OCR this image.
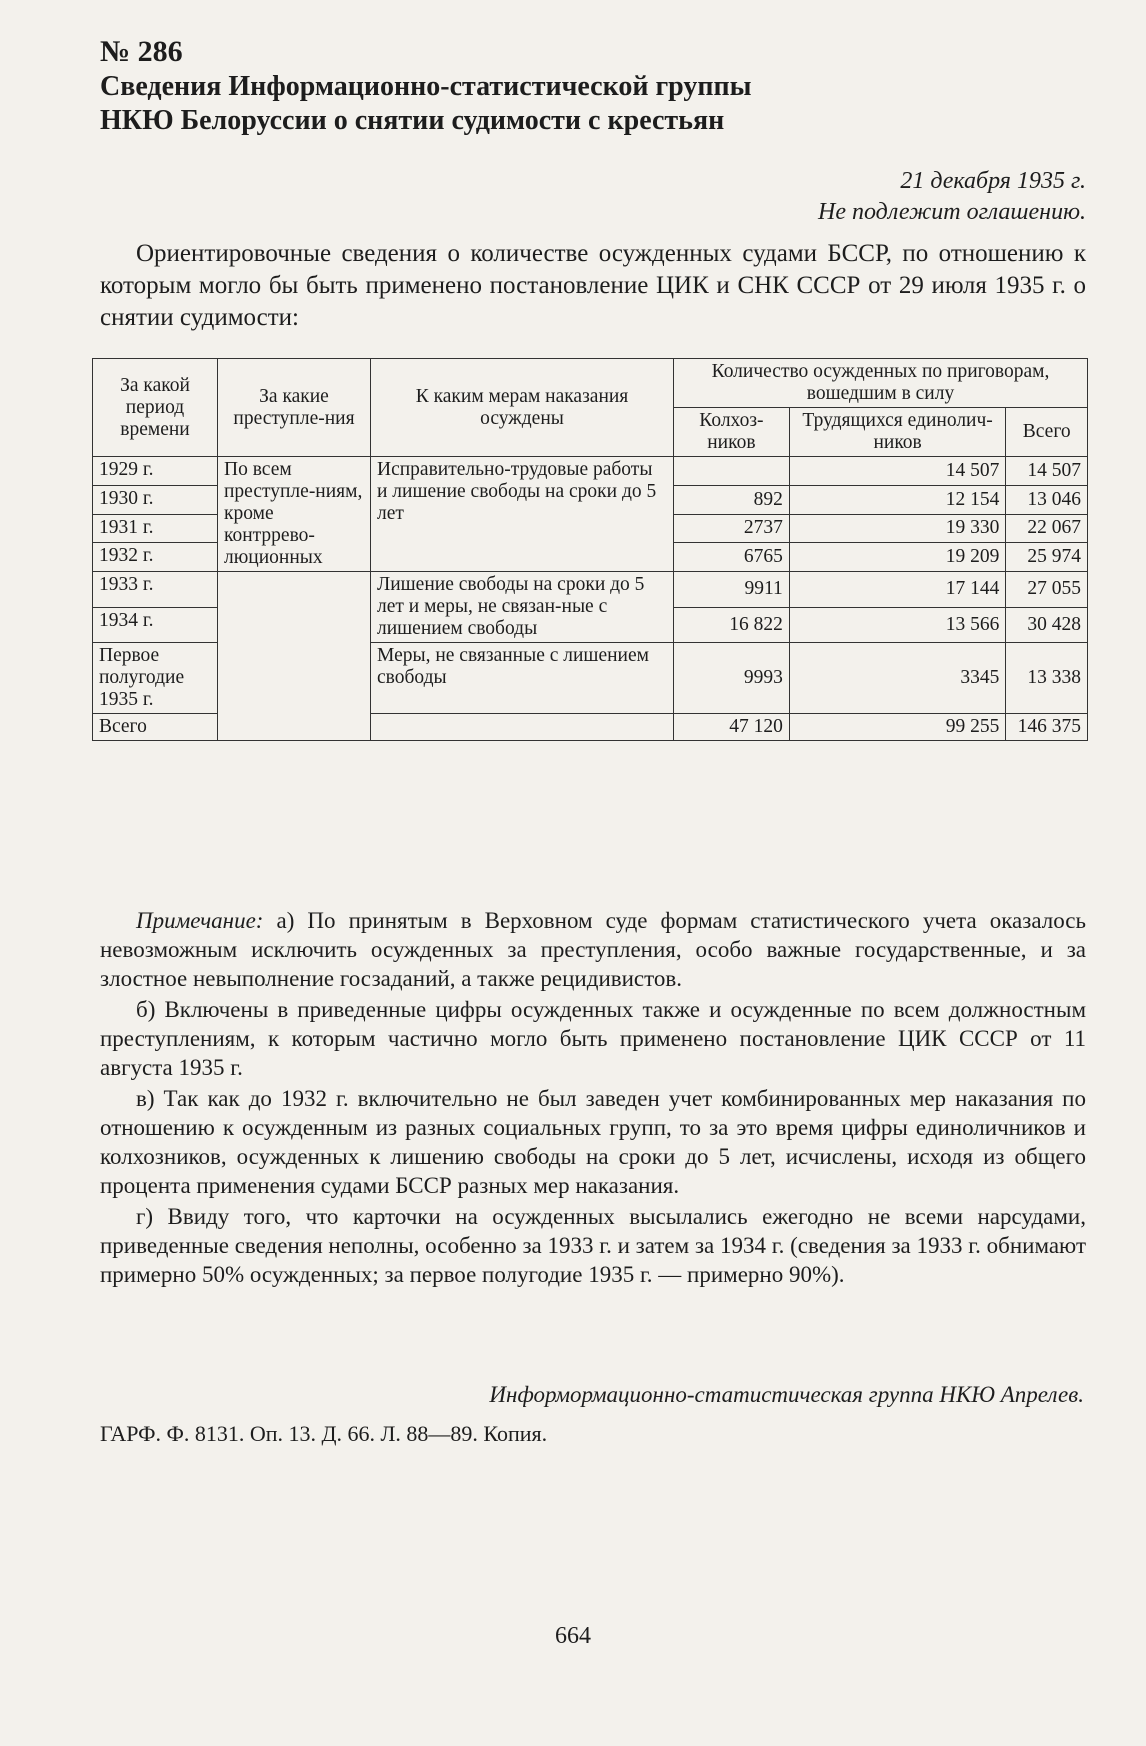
№ 286
Сведения Информационно-статистической группы
НКЮ Белоруссии о снятии судимости с крестьян
21 декабря 1935 г.
Не подлежит оглашению.
Ориентировочные сведения о количестве осужденных судами БССР, по отношению к которым могло бы быть применено постановление ЦИК и СНК СССР от 29 июля 1935 г. о снятии судимости:
За какой период времени	За какие преступле-ния	К каким мерам наказания осуждены	Количество осужденных по приговорам, вошедшим в силу		
			Колхоз-ников	Трудящихся единолич-ников	Всего
1929 г.	По всем преступле-ниям, кроме контррево-люционных	Исправительно-трудовые работы и лишение свободы на сроки до 5 лет		14 507	14 507
1930 г.			892	12 154	13 046
1931 г.			2737	19 330	22 067
1932 г.			6765	19 209	25 974
1933 г.		Лишение свободы на сроки до 5 лет и меры, не связан-ные с лишением свободы	9911	17 144	27 055
1934 г.			16 822	13 566	30 428
Первое полугодие 1935 г.		Меры, не связанные с лишением свободы	9993	3345	13 338
Всего			47 120	99 255	146 375

Примечание: а) По принятым в Верховном суде формам статистического учета оказалось невозможным исключить осужденных за преступления, особо важные государственные, и за злостное невыполнение госзаданий, а также рецидивистов.

б) Включены в приведенные цифры осужденных также и осужденные по всем должностным преступлениям, к которым частично могло быть применено постановление ЦИК СССР от 11 августа 1935 г.

в) Так как до 1932 г. включительно не был заведен учет комбинированных мер наказания по отношению к осужденным из разных социальных групп, то за это время цифры единоличников и колхозников, осужденных к лишению свободы на сроки до 5 лет, исчислены, исходя из общего процента применения судами БССР разных мер наказания.

г) Ввиду того, что карточки на осужденных высылались ежегодно не всеми нарсудами, приведенные сведения неполны, особенно за 1933 г. и затем за 1934 г. (сведения за 1933 г. обнимают примерно 50% осужденных; за первое полугодие 1935 г. — примерно 90%).

Информормационно-статистическая группа НКЮ Апрелев.
ГАРФ. Ф. 8131. Оп. 13. Д. 66. Л. 88—89. Копия.
664
